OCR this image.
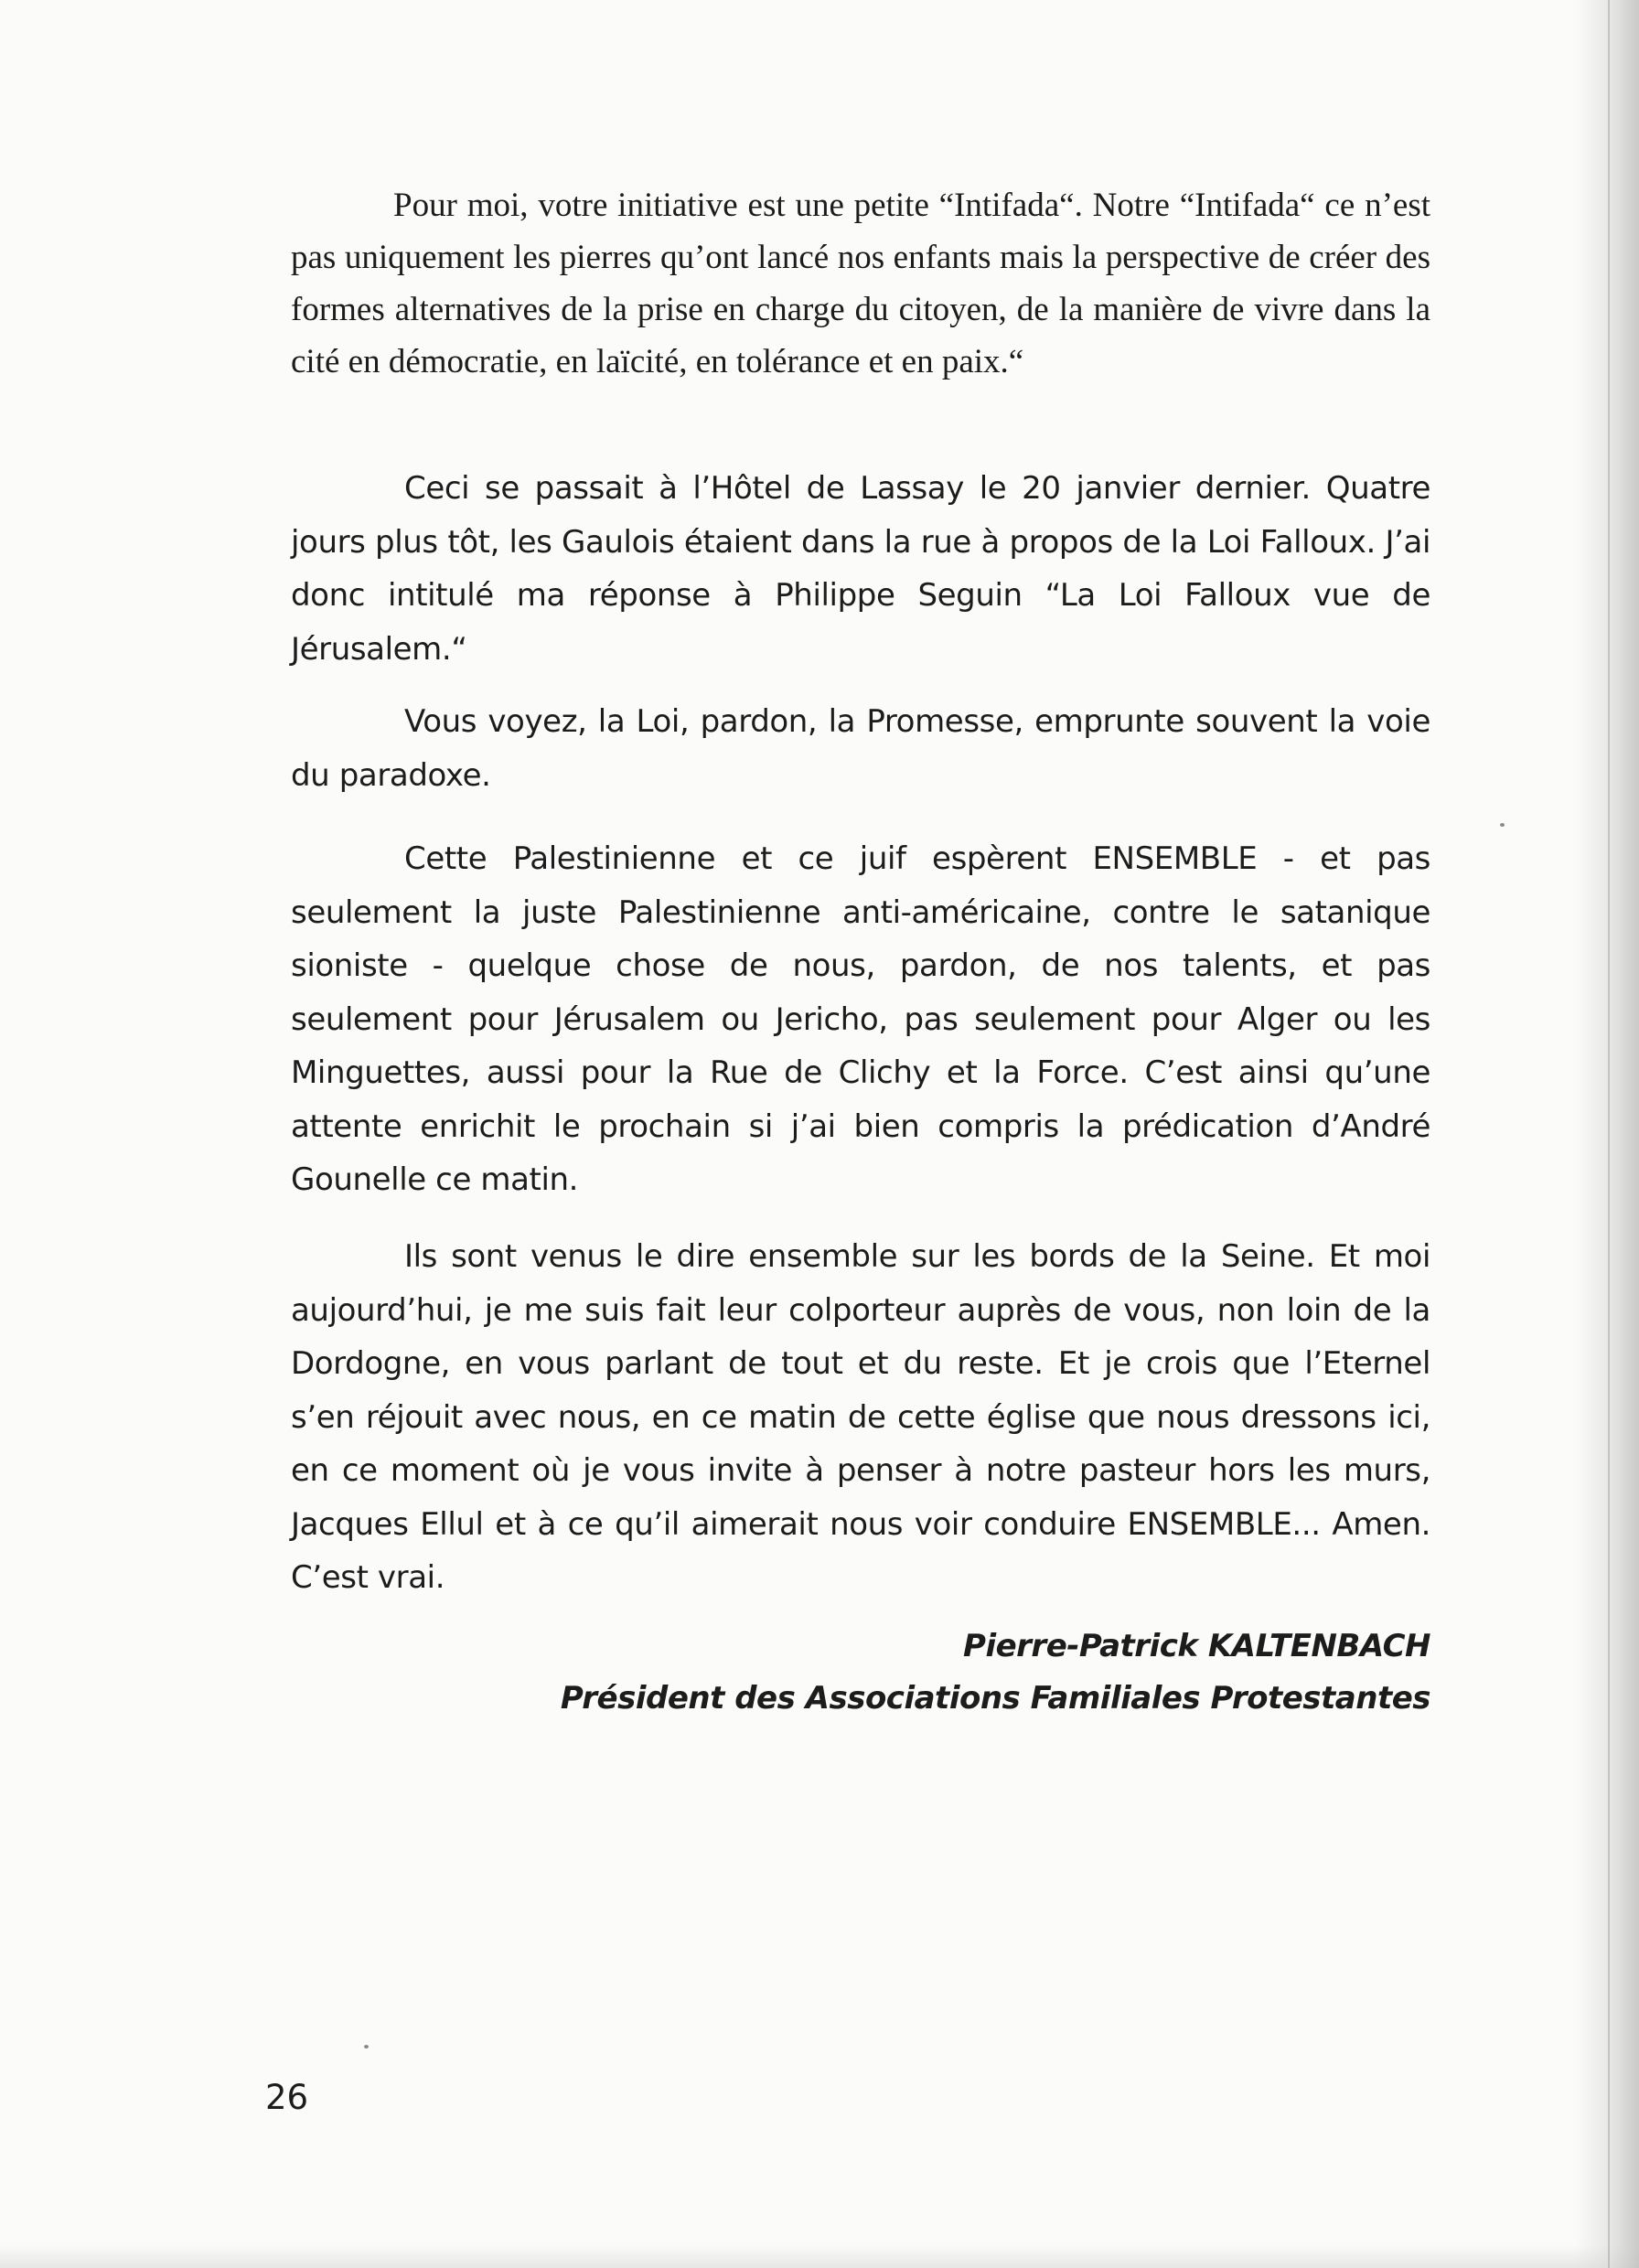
Pour moi, votre initiative est une petite “Intifada“. Notre “Intifada“ ce n’est pas uniquement les pierres qu’ont lancé nos enfants mais la perspective de créer des formes alternatives de la prise en charge du citoyen, de la manière de vivre dans la cité en démocratie, en laïcité, en tolérance et en paix.“

Ceci se passait à l’Hôtel de Lassay le 20 janvier dernier. Quatre jours plus tôt, les Gaulois étaient dans la rue à propos de la Loi Falloux. J’ai donc intitulé ma réponse à Philippe Seguin “La Loi Falloux vue de Jérusalem.“

Vous voyez, la Loi, pardon, la Promesse, emprunte souvent la voie du paradoxe.

Cette Palestinienne et ce juif espèrent ENSEMBLE - et pas seulement la juste Palestinienne anti-américaine, contre le satanique sioniste - quelque chose de nous, pardon, de nos talents, et pas seulement pour Jérusalem ou Jericho, pas seulement pour Alger ou les Minguettes, aussi pour la Rue de Clichy et la Force. C’est ainsi qu’une attente enrichit le prochain si j’ai bien compris la prédication d’André Gounelle ce matin.

Ils sont venus le dire ensemble sur les bords de la Seine. Et moi aujourd’hui, je me suis fait leur colporteur auprès de vous, non loin de la Dordogne, en vous parlant de tout et du reste. Et je crois que l’Eternel s’en réjouit avec nous, en ce matin de cette église que nous dressons ici, en ce moment où je vous invite à penser à notre pasteur hors les murs, Jacques Ellul et à ce qu’il aimerait nous voir conduire ENSEMBLE... Amen. C’est vrai.

Pierre-Patrick KALTENBACH
Président des Associations Familiales Protestantes
26
